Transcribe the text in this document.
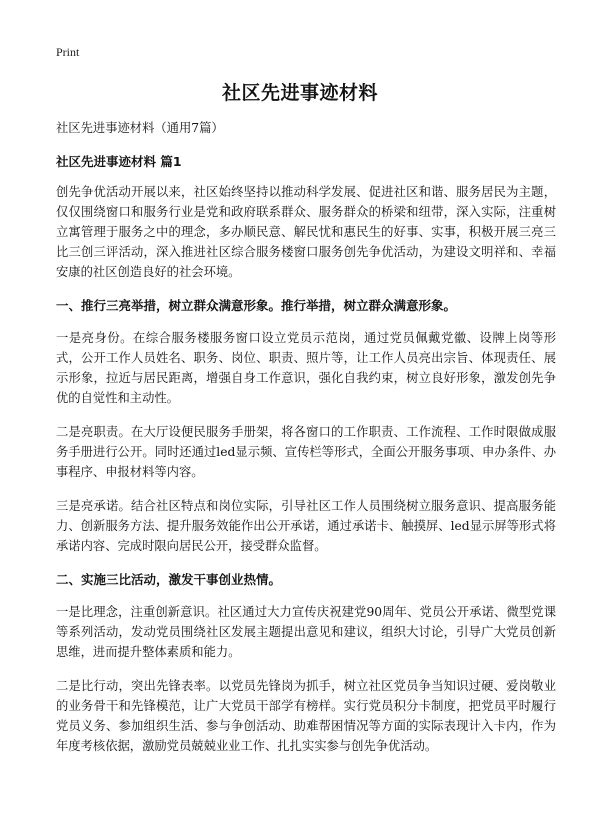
Print
社区先进事迹材料
社区先进事迹材料（通用7篇）
社区先进事迹材料 篇1

创先争优活动开展以来，社区始终坚持以推动科学发展、促进社区和谐、服务居民为主题，仅仅围绕窗口和服务行业是党和政府联系群众、服务群众的桥梁和纽带，深入实际，注重树立寓管理于服务之中的理念，多办顺民意、解民忧和惠民生的好事、实事，积极开展三亮三比三创三评活动，深入推进社区综合服务楼窗口服务创先争优活动，为建设文明祥和、幸福安康的社区创造良好的社会环境。

一、推行三亮举措，树立群众满意形象。推行举措，树立群众满意形象。

一是亮身份。在综合服务楼服务窗口设立党员示范岗，通过党员佩戴党徽、设牌上岗等形式，公开工作人员姓名、职务、岗位、职责、照片等，让工作人员亮出宗旨、体现责任、展示形象，拉近与居民距离，增强自身工作意识，强化自我约束，树立良好形象，激发创先争优的自觉性和主动性。

二是亮职责。在大厅设便民服务手册架，将各窗口的工作职责、工作流程、工作时限做成服务手册进行公开。同时还通过led显示频、宣传栏等形式，全面公开服务事项、申办条件、办事程序、申报材料等内容。

三是亮承诺。结合社区特点和岗位实际，引导社区工作人员围绕树立服务意识、提高服务能力、创新服务方法、提升服务效能作出公开承诺，通过承诺卡、触摸屏、led显示屏等形式将承诺内容、完成时限向居民公开，接受群众监督。

二、实施三比活动，激发干事创业热情。

一是比理念，注重创新意识。社区通过大力宣传庆祝建党90周年、党员公开承诺、微型党课等系列活动，发动党员围绕社区发展主题提出意见和建议，组织大讨论，引导广大党员创新思维，进而提升整体素质和能力。

二是比行动，突出先锋表率。以党员先锋岗为抓手，树立社区党员争当知识过硬、爱岗敬业的业务骨干和先锋模范，让广大党员干部学有榜样。实行党员积分卡制度，把党员平时履行党员义务、参加组织生活、参与争创活动、助难帮困情况等方面的实际表现计入卡内，作为年度考核依据，激励党员兢兢业业工作、扎扎实实参与创先争优活动。
